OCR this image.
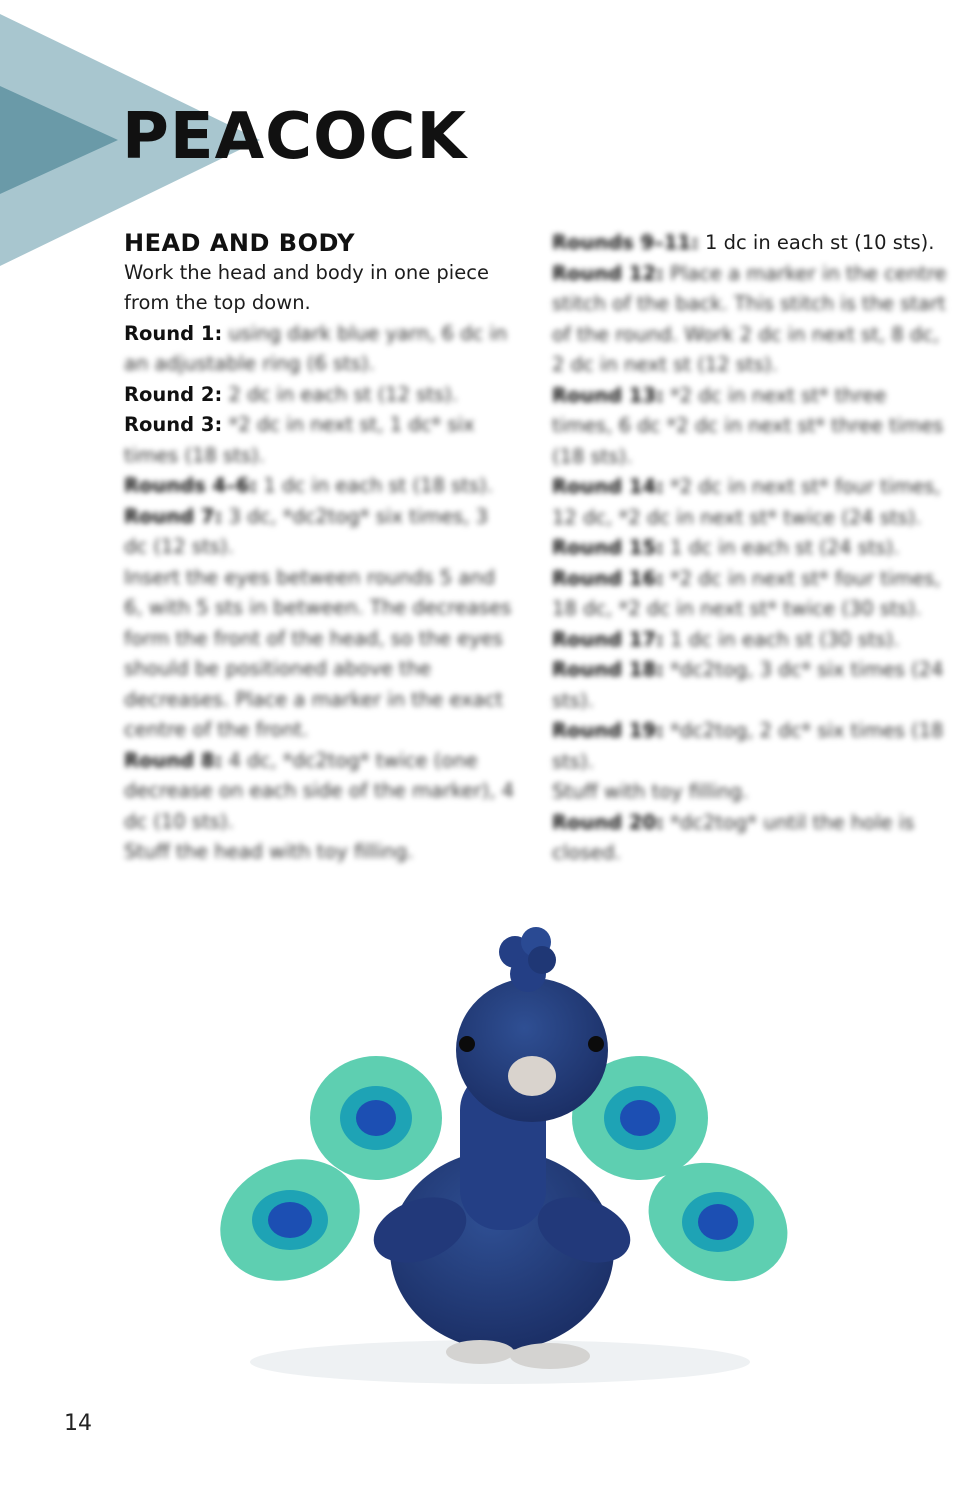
PEACOCK
HEAD AND BODY

Work the head and body in one piece from the top down.

Round 1: using dark blue yarn, 6 dc in an adjustable ring (6 sts).

Round 2: 2 dc in each st (12 sts).

Round 3: *2 dc in next st, 1 dc* six times (18 sts).

Rounds 4–6: 1 dc in each st (18 sts).

Round 7: 3 dc, *dc2tog* six times, 3 dc (12 sts).

Insert the eyes between rounds 5 and 6, with 5 sts in between. The decreases form the front of the head, so the eyes should be positioned above the decreases. Place a marker in the exact centre of the front.

Round 8: 4 dc, *dc2tog* twice (one decrease on each side of the marker), 4 dc (10 sts).

Stuff the head with toy filling.

Rounds 9–11: 1 dc in each st (10 sts).

Round 12: Place a marker in the centre stitch of the back. This stitch is the start of the round. Work 2 dc in next st, 8 dc, 2 dc in next st (12 sts).

Round 13: *2 dc in next st* three times, 6 dc *2 dc in next st* three times (18 sts).

Round 14: *2 dc in next st* four times, 12 dc, *2 dc in next st* twice (24 sts).

Round 15: 1 dc in each st (24 sts).

Round 16: *2 dc in next st* four times, 18 dc, *2 dc in next st* twice (30 sts).

Round 17: 1 dc in each st (30 sts).

Round 18: *dc2tog, 3 dc* six times (24 sts).

Round 19: *dc2tog, 2 dc* six times (18 sts).

Stuff with toy filling.

Round 20: *dc2tog* until the hole is closed.

14
